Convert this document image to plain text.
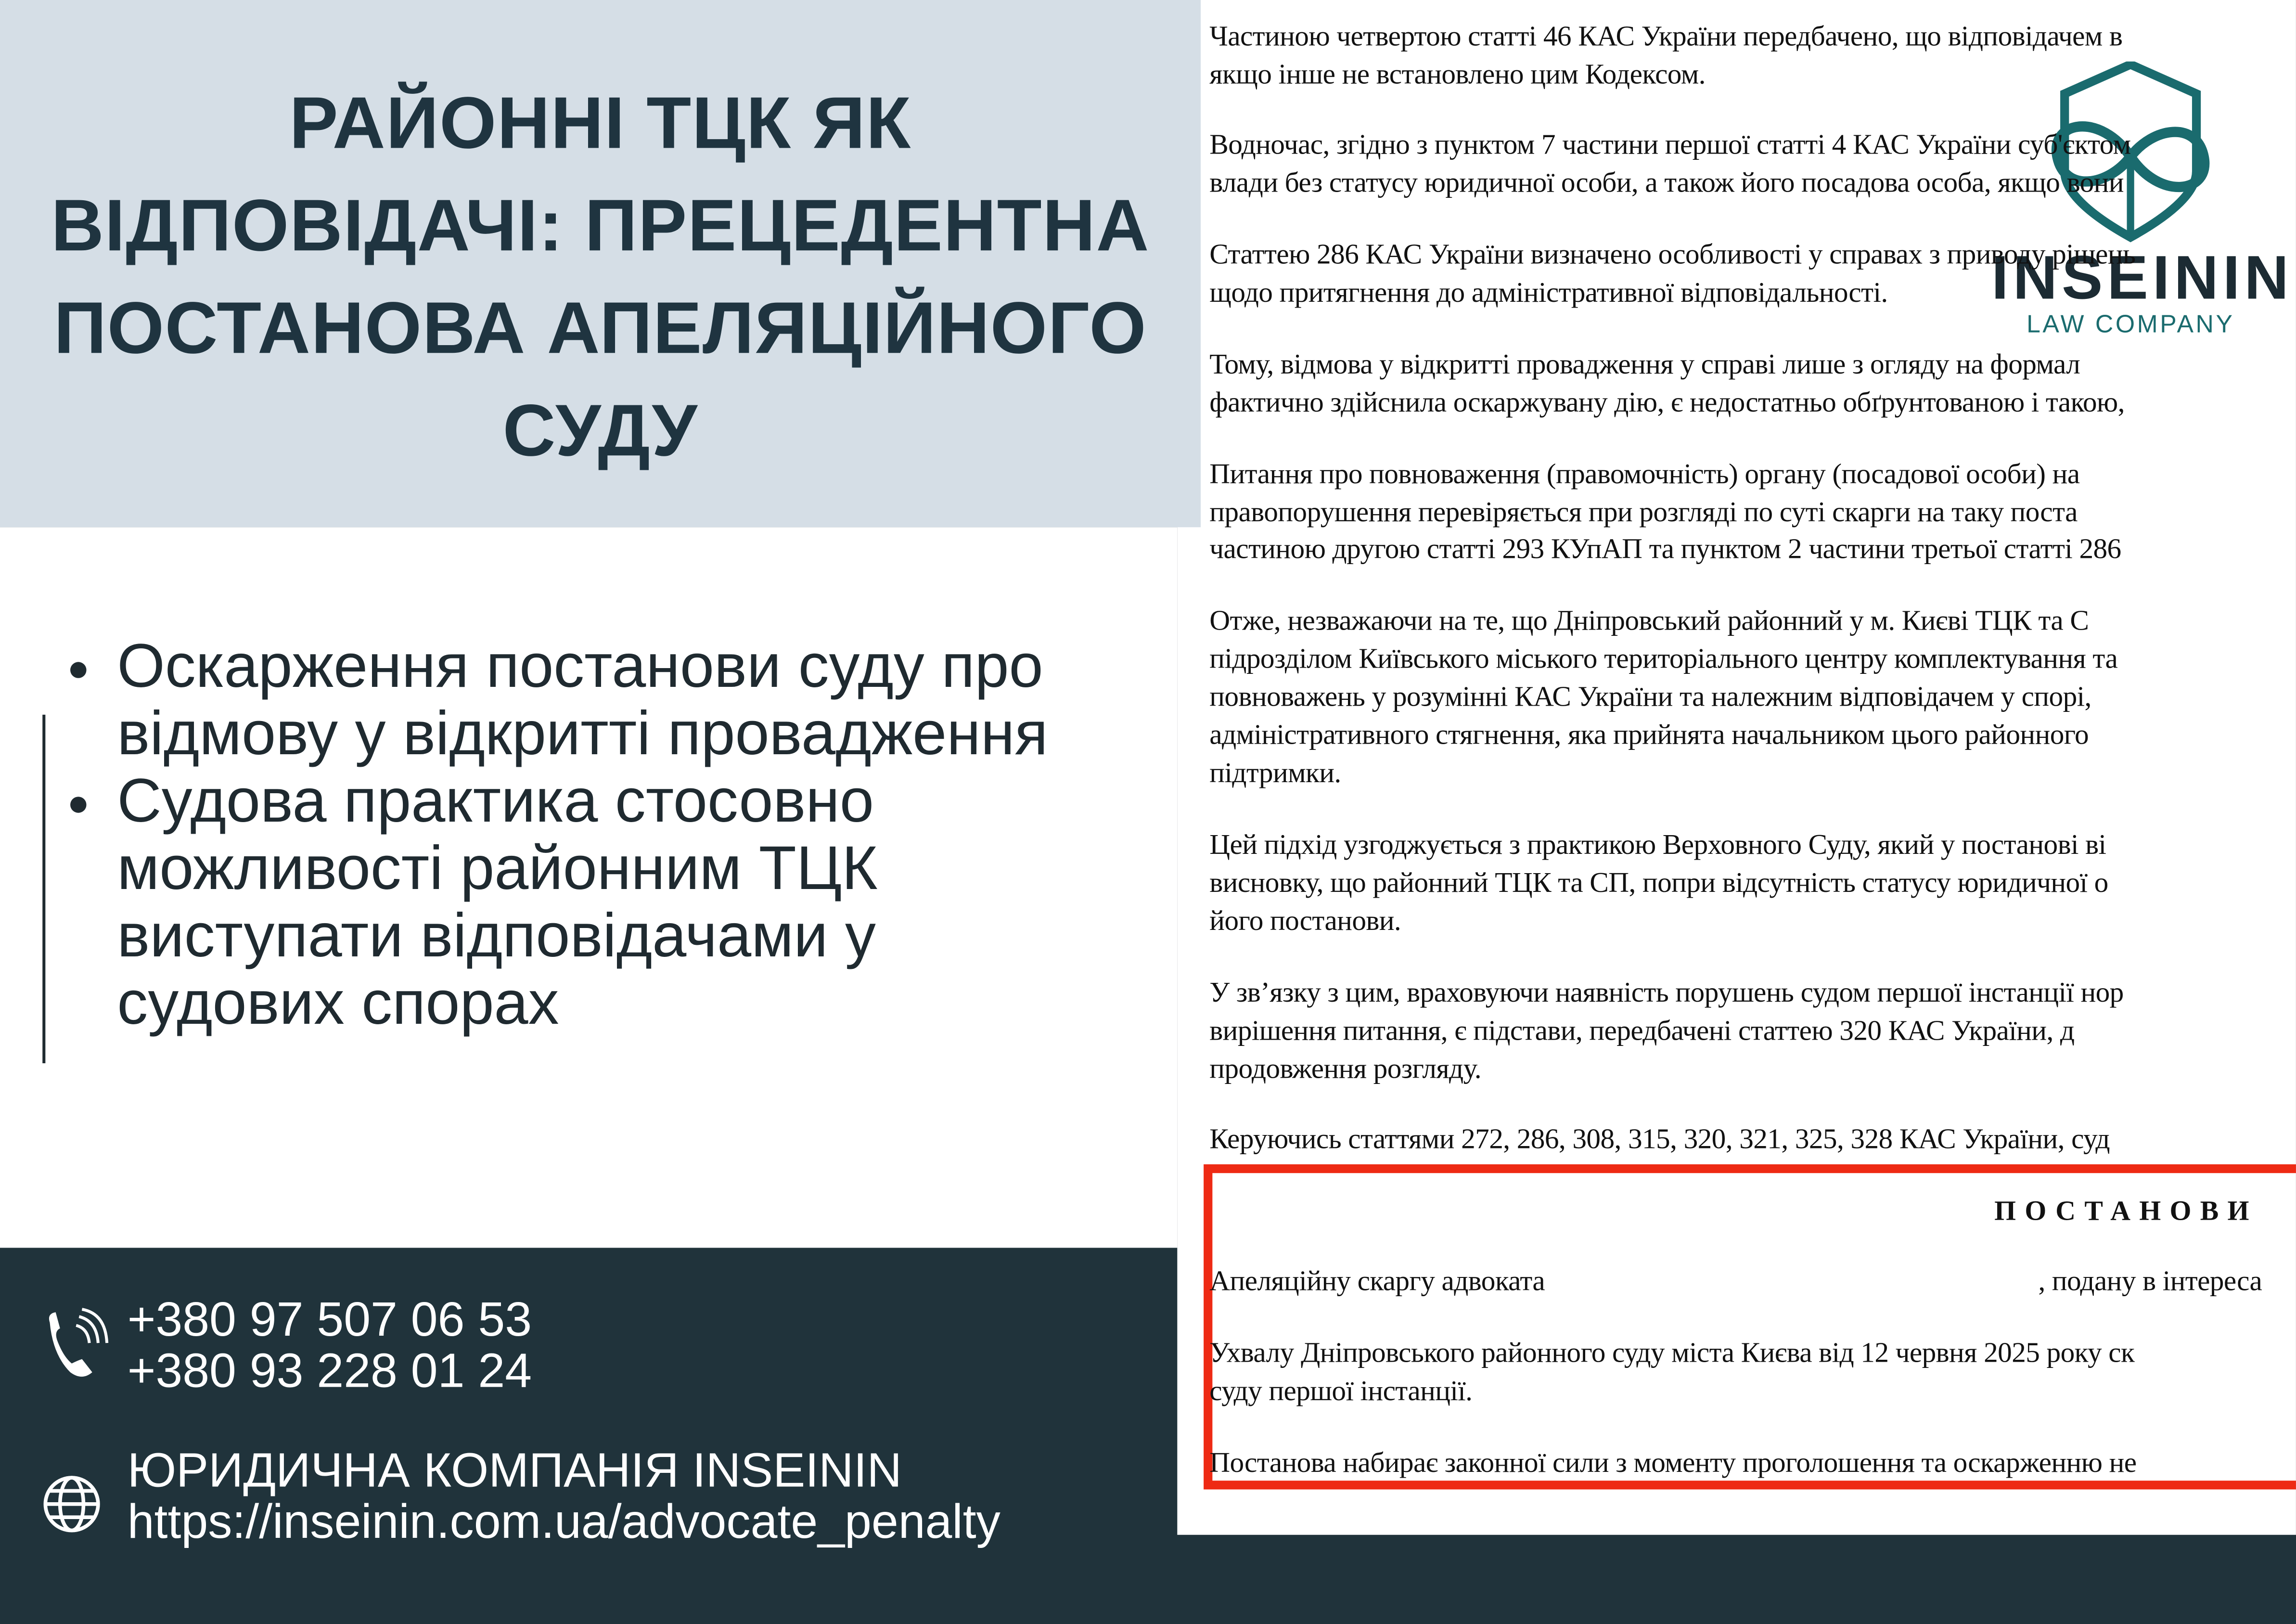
INSEININ
LAW COMPANY
Частиною четвертою статті 46 КАС України передбачено, що відповідачем в
якщо інше не встановлено цим Кодексом.
Водночас, згідно з пунктом 7 частини першої статті 4 КАС України суб'єктом
влади без статусу юридичної особи, а також його посадова особа, якщо вони
Статтею 286 КАС України визначено особливості у справах з приводу рішень
щодо притягнення до адміністративної відповідальності.
Тому, відмова у відкритті провадження у справі лише з огляду на формал
фактично здійснила оскаржувану дію, є недостатньо обґрунтованою і такою,
Питання про повноваження (правомочність) органу (посадової особи) на
правопорушення перевіряється при розгляді по суті скарги на таку поста
частиною другою статті 293 КУпАП та пунктом 2 частини третьої статті 286
Отже, незважаючи на те, що Дніпровський районний у м. Києві ТЦК та С
підрозділом Київського міського територіального центру комплектування та
повноважень у розумінні КАС України та належним відповідачем у спорі,
адміністративного стягнення, яка прийнята начальником цього районного
підтримки.
Цей підхід узгоджується з практикою Верховного Суду, який у постанові ві
висновку, що районний ТЦК та СП, попри відсутність статусу юридичної о
його постанови.
У зв’язку з цим, враховуючи наявність порушень судом першої інстанції нор
вирішення питання, є підстави, передбачені статтею 320 КАС України, д
продовження розгляду.
Керуючись статтями 272, 286, 308, 315, 320, 321, 325, 328 КАС України, суд
ПОСТАНОВИ
Апеляційну скаргу адвоката	, подану в інтереса
Ухвалу Дніпровського районного суду міста Києва від 12 червня 2025 року ск
суду першої інстанції.
Постанова набирає законної сили з моменту проголошення та оскарженню не
РАЙОННІ ТЦК ЯК
ВІДПОВІДАЧІ: ПРЕЦЕДЕНТНА
ПОСТАНОВА АПЕЛЯЦІЙНОГО
СУДУ
Оскарження постанови суду про відмову у відкритті провадження
Судова практика стосовно можливості районним ТЦК виступати відповідачами у судових спорах
+380 97 507 06 53
+380 93 228 01 24
ЮРИДИЧНА КОМПАНІЯ INSEININ
https://inseinin.com.ua/advocate_penalty
